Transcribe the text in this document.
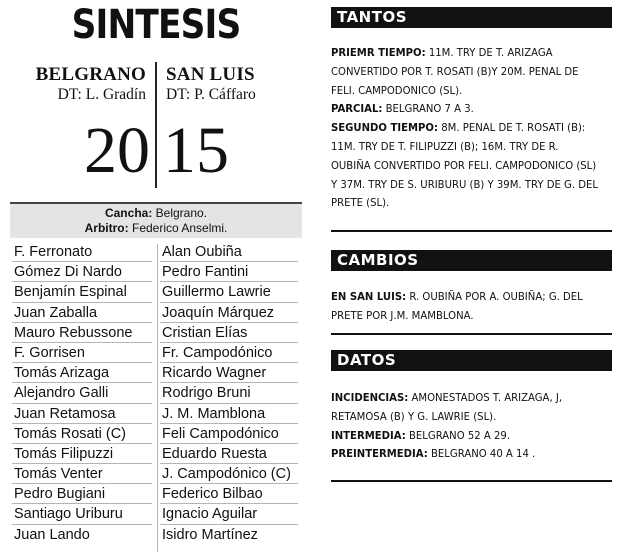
SINTESIS
BELGRANO SAN LUIS
DT: L. Gradín DT: P. Cáffaro
20 15
Cancha: Belgrano.
Arbitro: Federico Anselmi.
F. Ferronato	Alan Oubiña
Gómez Di Nardo	Pedro Fantini
Benjamín Espinal	Guillermo Lawrie
Juan Zaballa	Joaquín Márquez
Mauro Rebussone	Cristian Elías
F. Gorrisen	Fr. Campodónico
Tomás Arizaga	Ricardo Wagner
Alejandro Galli	Rodrigo Bruni
Juan Retamosa	J. M. Mamblona
Tomás Rosati (C)	Feli Campodónico
Tomás Filipuzzi	Eduardo Ruesta
Tomás Venter	J. Campodónico (C)
Pedro Bugiani	Federico Bilbao
Santiago Uriburu	Ignacio Aguilar
Juan Lando	Isidro Martínez
TANTOS
PRIEMR TIEMPO: 11M. TRY DE T. ARIZAGA CONVERTIDO POR T. ROSATI (B)Y 20M. PENAL DE FELI. CAMPODONICO (SL).
PARCIAL: BELGRANO 7 A 3.
SEGUNDO TIEMPO: 8M. PENAL DE T. ROSATI (B): 11M. TRY DE T. FILIPUZZI (B); 16M. TRY DE R. OUBIÑA CONVERTIDO POR FELI. CAMPODONICO (SL) Y 37M. TRY DE S. URIBURU (B) Y 39M. TRY DE G. DEL PRETE (SL).
CAMBIOS
EN SAN LUIS: R. OUBIÑA POR A. OUBIÑA; G. DEL PRETE POR J.M. MAMBLONA.
DATOS
INCIDENCIAS: AMONESTADOS T. ARIZAGA, J, RETAMOSA (B) Y G. LAWRIE (SL).
INTERMEDIA: BELGRANO 52 A 29.
PREINTERMEDIA: BELGRANO 40 A 14 .
